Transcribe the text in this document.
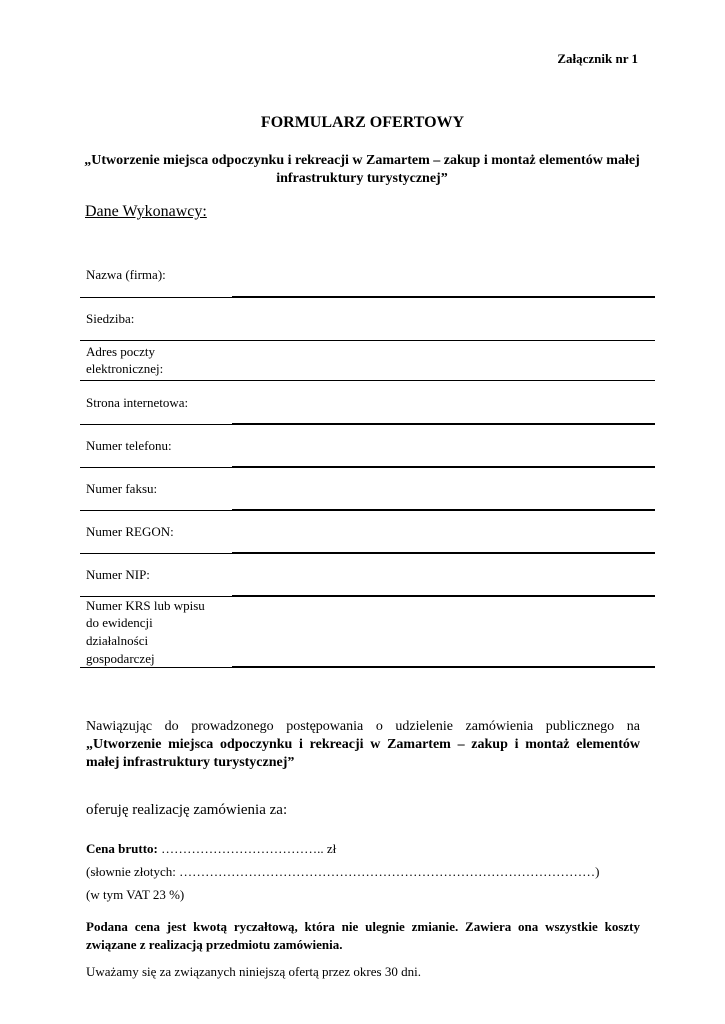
Załącznik nr 1
FORMULARZ OFERTOWY
„Utworzenie miejsca odpoczynku i rekreacji w Zamartem – zakup i montaż elementów małej infrastruktury turystycznej”
Dane Wykonawcy:
Nazwa (firma):
Siedziba:
Adres poczty
elektronicznej:
Strona internetowa:
Numer telefonu:
Numer faksu:
Numer REGON:
Numer NIP:
Numer KRS lub wpisu
do ewidencji
działalności
gospodarczej
Nawiązując do prowadzonego postępowania o udzielenie zamówienia publicznego na „Utworzenie miejsca odpoczynku i rekreacji w Zamartem – zakup i montaż elementów małej infrastruktury turystycznej”
oferuję realizację zamówienia za:
Cena brutto: ……………………………….. zł
(słownie złotych: ……………………………………………………………………………………)
(w tym VAT 23 %)
Podana cena jest kwotą ryczałtową, która nie ulegnie zmianie. Zawiera ona wszystkie koszty związane z realizacją przedmiotu zamówienia.
Uważamy się za związanych niniejszą ofertą przez okres 30 dni.
